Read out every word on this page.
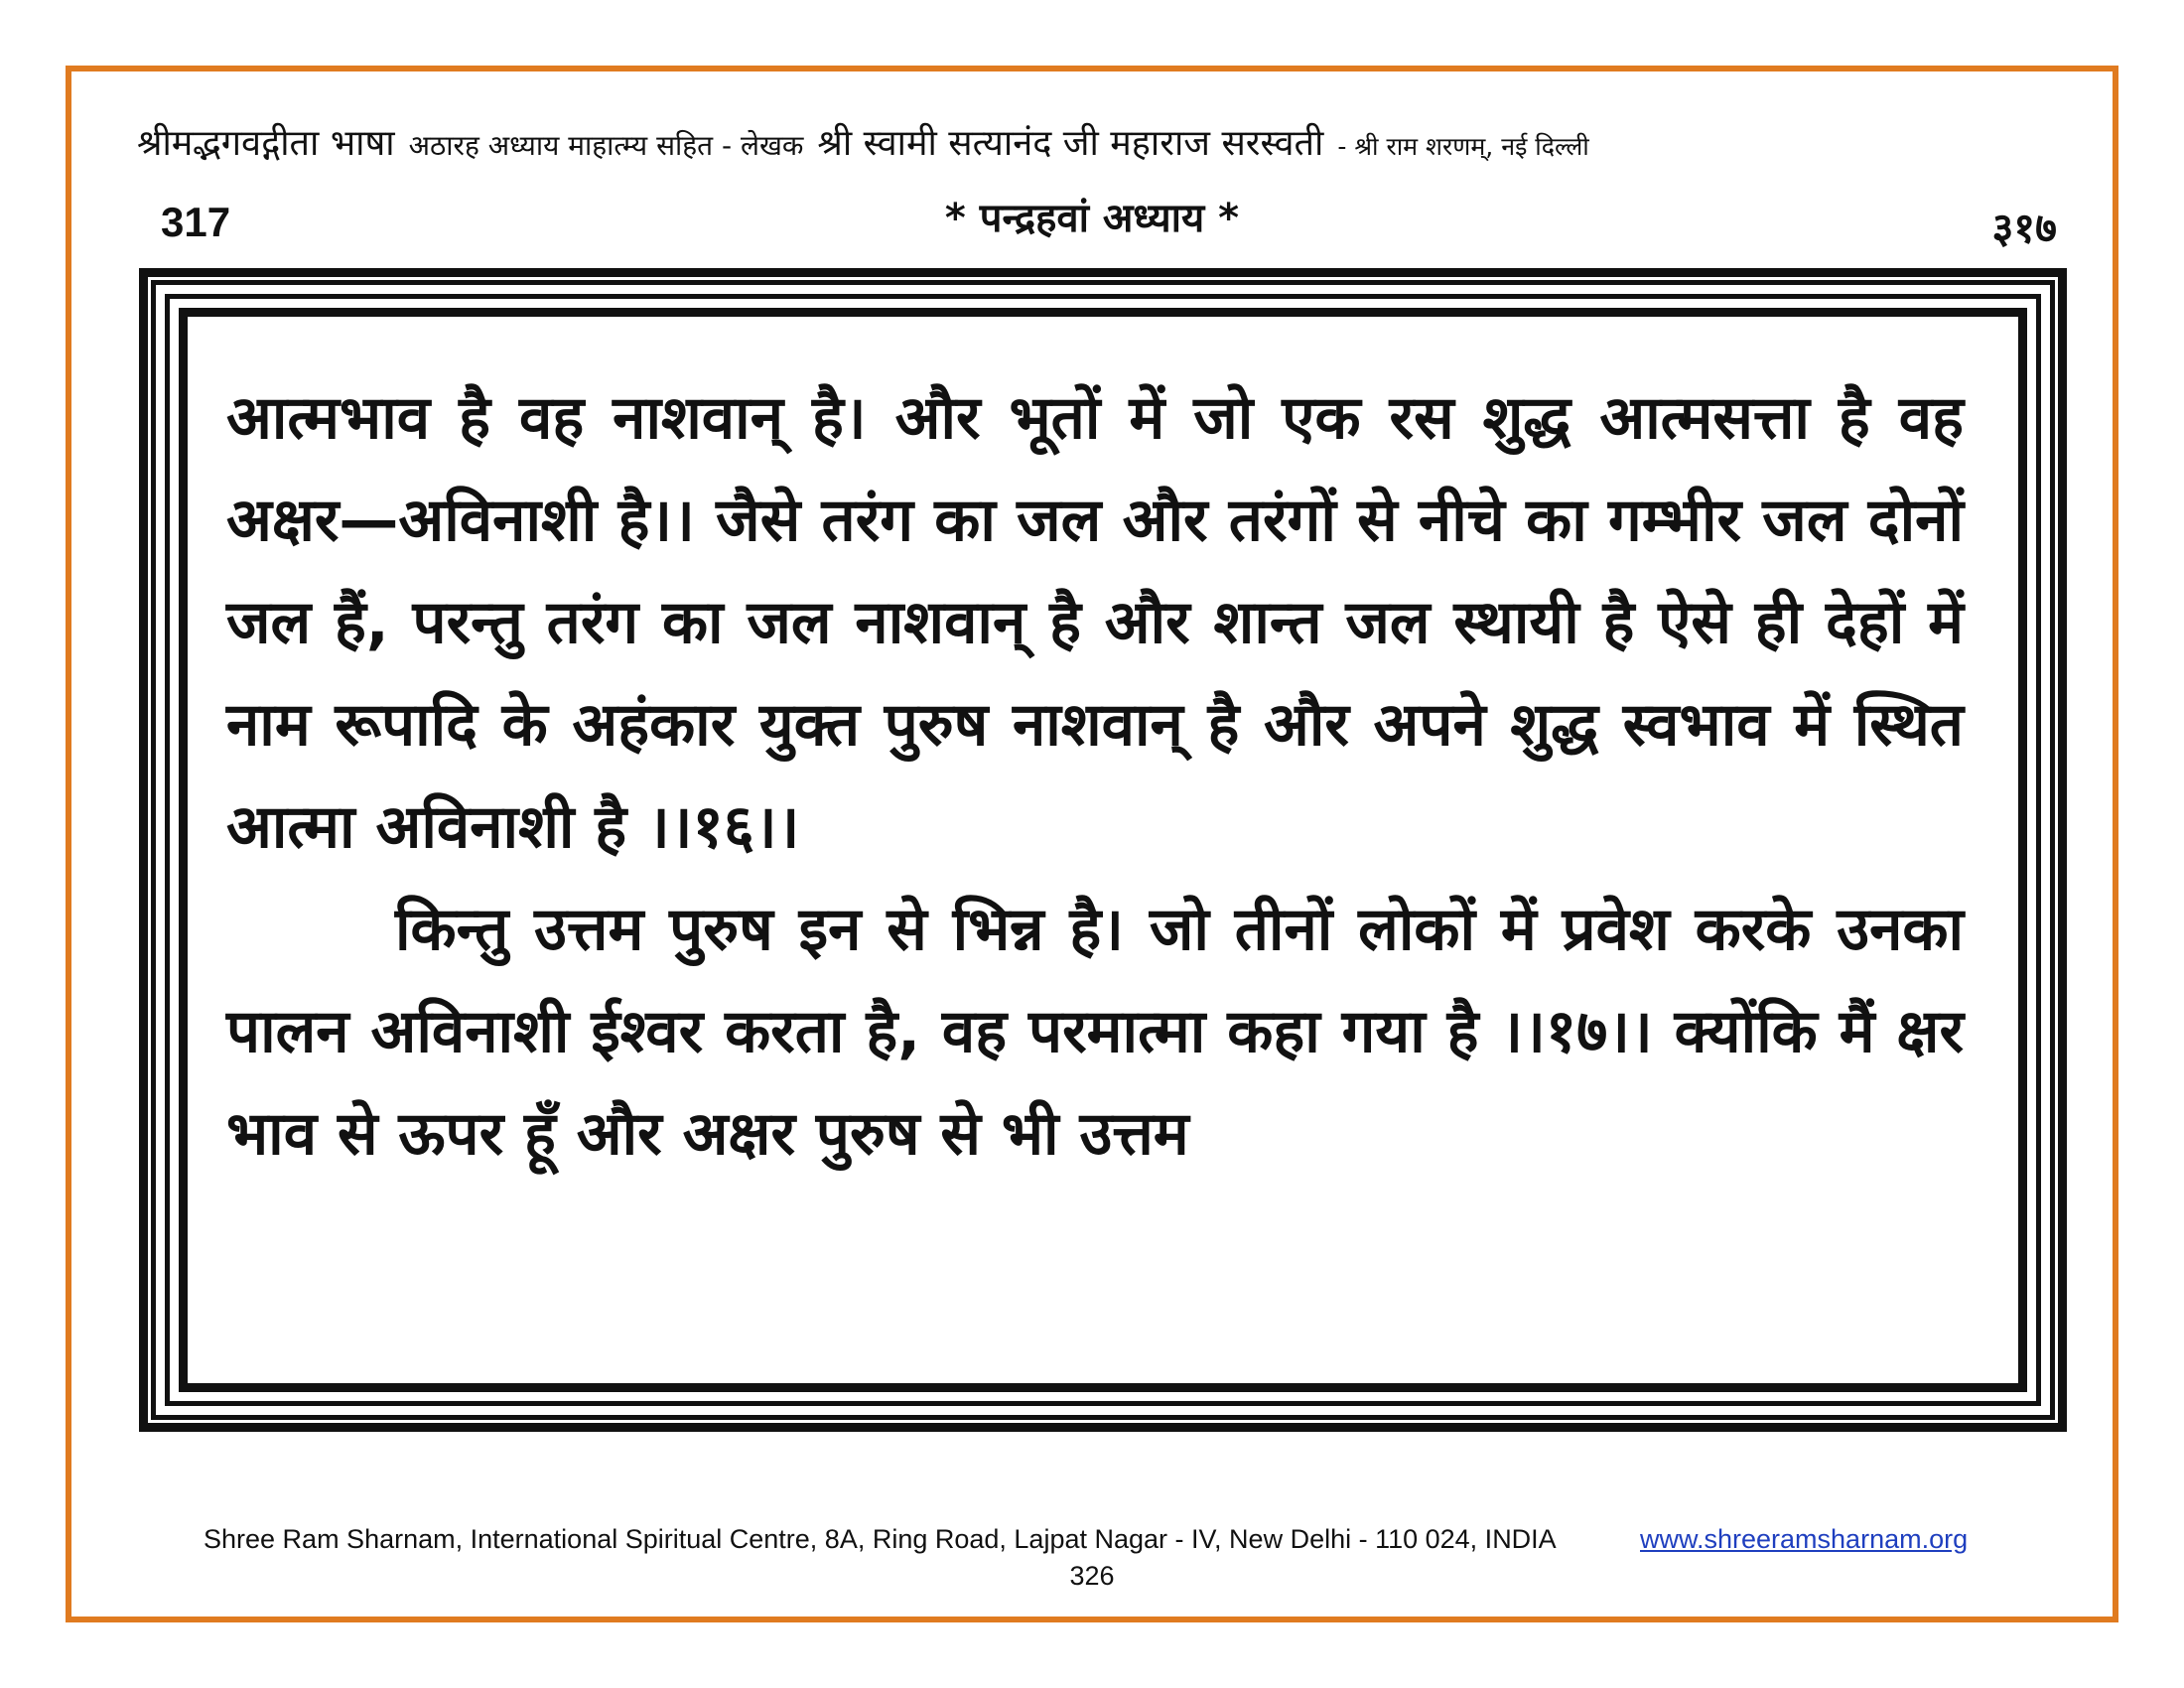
श्रीमद्भगवद्गीता भाषा अठारह अध्याय माहात्म्य सहित - लेखक श्री स्वामी सत्यानंद जी महाराज सरस्वती - श्री राम शरणम्, नई दिल्ली
317	* पन्द्रहवां अध्याय *	३१७

आत्मभाव है वह नाशवान् है। और भूतों में जो एक रस शुद्ध आत्मसत्ता है वह अक्षर—अविनाशी है।। जैसे तरंग का जल और तरंगों से नीचे का गम्भीर जल दोनों जल हैं, परन्तु तरंग का जल नाशवान् है और शान्त जल स्थायी है ऐसे ही देहों में नाम रूपादि के अहंकार युक्त पुरुष नाशवान् है और अपने शुद्ध स्वभाव में स्थित आत्मा अविनाशी है ।।१६।।

किन्तु उत्तम पुरुष इन से भिन्न है। जो तीनों लोकों में प्रवेश करके उनका पालन अविनाशी ईश्वर करता है, वह परमात्मा कहा गया है ।।१७।। क्योंकि मैं क्षर भाव से ऊपर हूँ और अक्षर पुरुष से भी उत्तम

Shree Ram Sharnam, International Spiritual Centre, 8A, Ring Road, Lajpat Nagar - IV, New Delhi - 110 024, INDIA	www.shreeramsharnam.org
326
